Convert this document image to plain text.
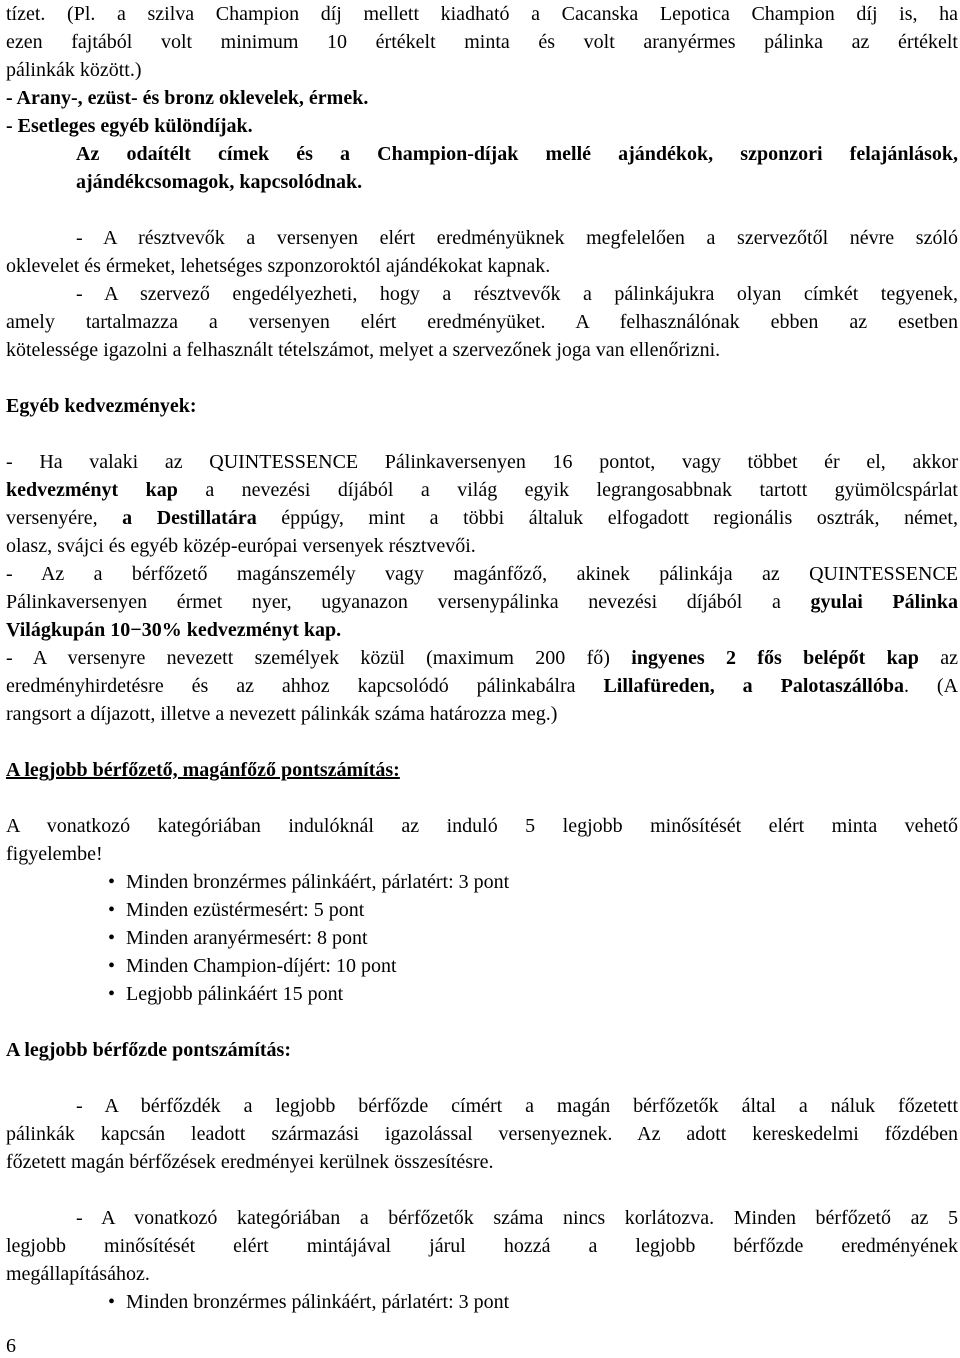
tízet. (Pl. a szilva Champion díj mellett kiadható a Cacanska Lepotica Champion díj is, ha

ezen fajtából volt minimum 10 értékelt minta és volt aranyérmes pálinka az értékelt

pálinkák között.)

- Arany-, ezüst- és bronz oklevelek, érmek.

- Esetleges egyéb különdíjak.

Az odaítélt címek és a Champion-díjak mellé ajándékok, szponzori felajánlások,

ajándékcsomagok, kapcsolódnak.

- A résztvevők a versenyen elért eredményüknek megfelelően a szervezőtől névre szóló

oklevelet és érmeket, lehetséges szponzoroktól ajándékokat kapnak.

- A szervező engedélyezheti, hogy a résztvevők a pálinkájukra olyan címkét tegyenek,

amely tartalmazza a versenyen elért eredményüket. A felhasználónak ebben az esetben

kötelessége igazolni a felhasznált tételszámot, melyet a szervezőnek joga van ellenőrizni.

Egyéb kedvezmények:

- Ha valaki az QUINTESSENCE Pálinkaversenyen 16 pontot, vagy többet ér el, akkor

kedvezményt kap a nevezési díjából a világ egyik legrangosabbnak tartott gyümölcspárlat

versenyére, a Destillatára éppúgy, mint a többi általuk elfogadott regionális osztrák, német,

olasz, svájci és egyéb közép-európai versenyek résztvevői.

- Az a bérfőzető magánszemély vagy magánfőző, akinek pálinkája az QUINTESSENCE

Pálinkaversenyen érmet nyer, ugyanazon versenypálinka nevezési díjából a gyulai Pálinka

Világkupán 10−30% kedvezményt kap.

- A versenyre nevezett személyek közül (maximum 200 fő) ingyenes 2 fős belépőt kap az

eredményhirdetésre és az ahhoz kapcsolódó pálinkabálra Lillafüreden, a Palotaszállóba. (A

rangsort a díjazott, illetve a nevezett pálinkák száma határozza meg.)

A legjobb bérfőzető, magánfőző pontszámítás:

A vonatkozó kategóriában indulóknál az induló 5 legjobb minősítését elért minta vehető

figyelembe!

• Minden bronzérmes pálinkáért, párlatért: 3 pont

• Minden ezüstérmesért: 5 pont

• Minden aranyérmesért: 8 pont

• Minden Champion-díjért: 10 pont

• Legjobb pálinkáért 15 pont

A legjobb bérfőzde pontszámítás:

- A bérfőzdék a legjobb bérfőzde címért a magán bérfőzetők által a náluk főzetett

pálinkák kapcsán leadott származási igazolással versenyeznek. Az adott kereskedelmi főzdében

főzetett magán bérfőzések eredményei kerülnek összesítésre.

- A vonatkozó kategóriában a bérfőzetők száma nincs korlátozva. Minden bérfőzető az 5

legjobb minősítését elért mintájával járul hozzá a legjobb bérfőzde eredményének

megállapításához.

• Minden bronzérmes pálinkáért, párlatért: 3 pont

6
